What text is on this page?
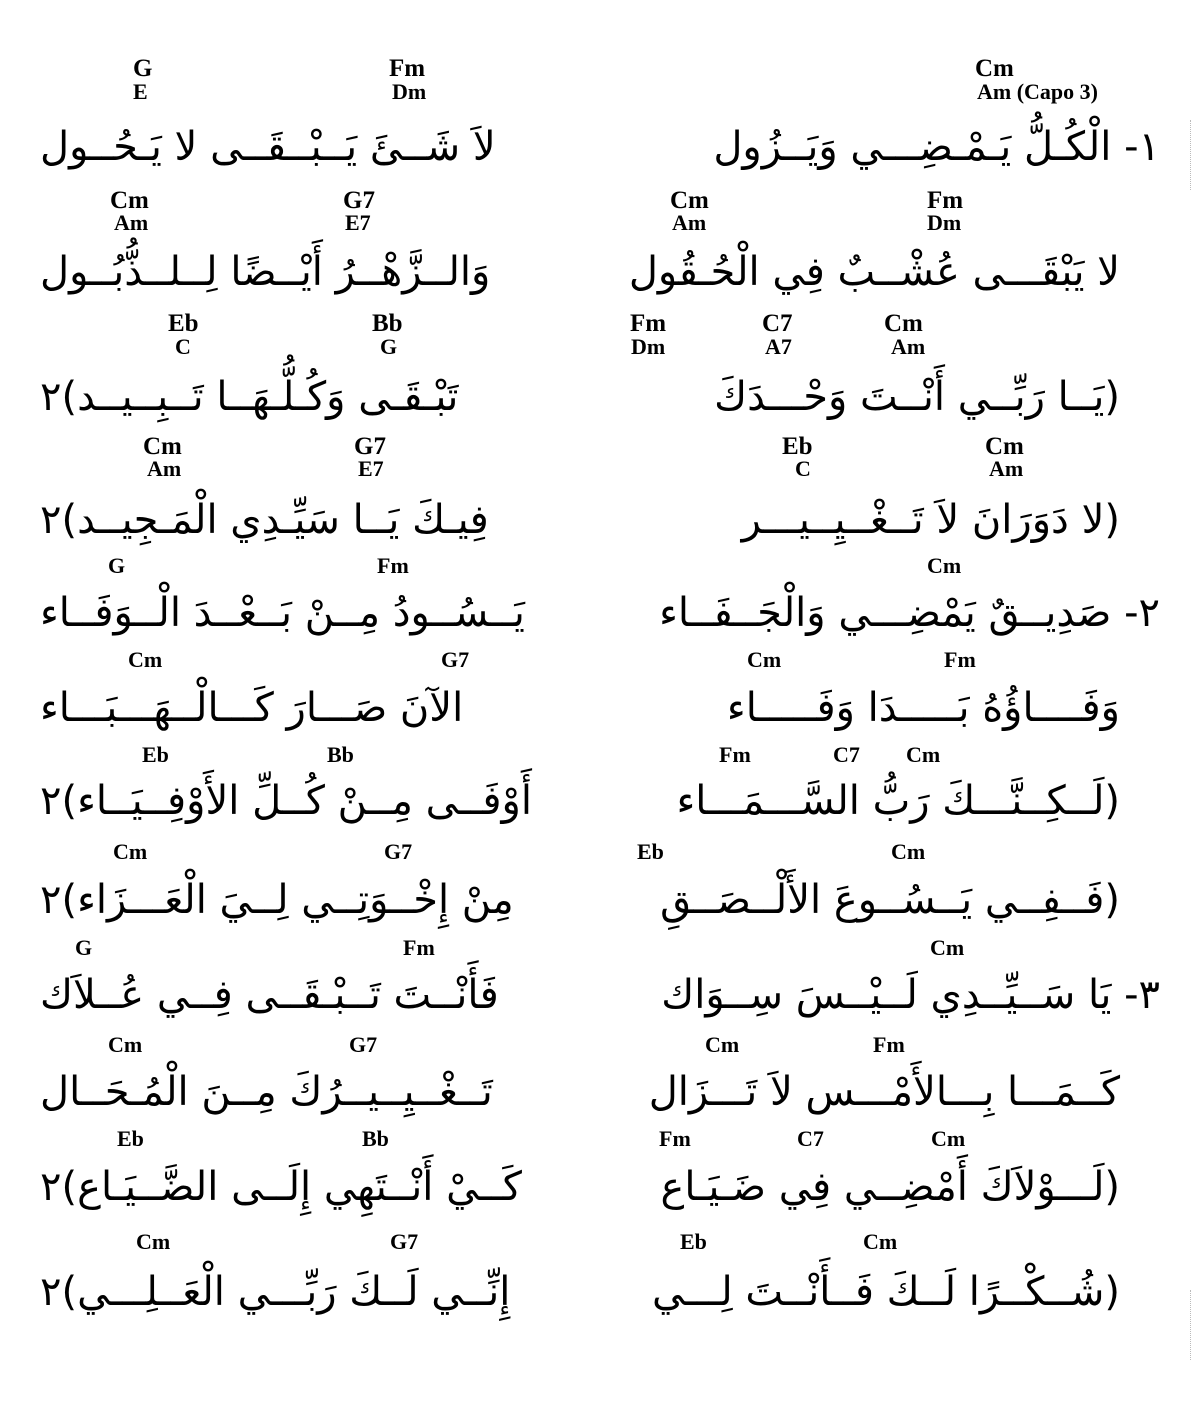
G
E
Fm
Dm
Cm
Am (Capo 3)
لاَ شَــئَ يَــبْــقَــى لا يَـحُــول	١- الْكُـلُّ يَـمْـضِـــي وَيَــزُول
Cm
Am
G7
E7
Cm
Am
Fm
Dm
وَالــزَّهْــرُ أَيْــضًا لِــلــذُّبُــول	لا يَبْقَـــى عُشْــبٌ فِي الْحُـقُول
Eb
C
Bb
G
Fm
Dm
C7
A7
Cm
Am
تَبْـقَـى وَكُـلُّـهَــا تَــبِــيــد)٢	(يَــا رَبِّــي أَنْــتَ وَحْـــدَكَ
Cm
Am
G7
E7
Eb
C
Cm
Am
فِيـكَ يَــا سَيِّـدِي الْمَـجِيــد)٢	(لا دَوَرَانَ لاَ تَــغْــيِــيـــر
G	Fm	Cm
يَــسُــودُ مِــنْ بَــعْــدَ الْــوَفَــاء	٢- صَدِيــقٌ يَمْضِـــي وَالْجَــفَــاء
Cm	G7	Cm	Fm
الآنَ صَـــارَ كَـــالْــهَـــبَـــاء	وَفَــــاؤُهُ بَـــــدَا وَفَـــــاء
Eb	Bb	Fm	C7 Cm
أَوْفَــى مِــنْ كُــلِّ الأَوْفِــيَــاء)٢	(لَــكِــنَّـــكَ رَبُّ السَّـــمَـــاء
Cm	G7	Eb	Cm
مِنْ إِخْــوَتِــي لِــيَ الْعَـــزَاء)٢	(فَــفِــي يَــسُــوعَ الأَلْــصَــقِ
G	Fm	Cm
فَأَنْــتَ تَــبْـقَــى فِــي عُــلاَك	٣- يَا سَــيِّــدِي لَــيْــسَ سِــوَاك
Cm	G7	Cm	Fm
تَــغْــيِــيــرُكَ مِــنَ الْمُـحَــال	كَــمَـــا بِـــالأَمْـــس لاَ تَـــزَال
Eb	Bb	Fm	C7	Cm
كَــيْ أَنْــتَهِي إِلَــى الضَّــيَـاع)٢	(لَـــوْلاَكَ أَمْضِــي فِي ضَـيَـاع
Cm	G7	Eb	Cm
إِنِّــي لَــكَ رَبِّـــي الْعَــلِـــي)٢	(شُــكْــرًا لَــكَ فَــأَنْــتَ لِـــي
